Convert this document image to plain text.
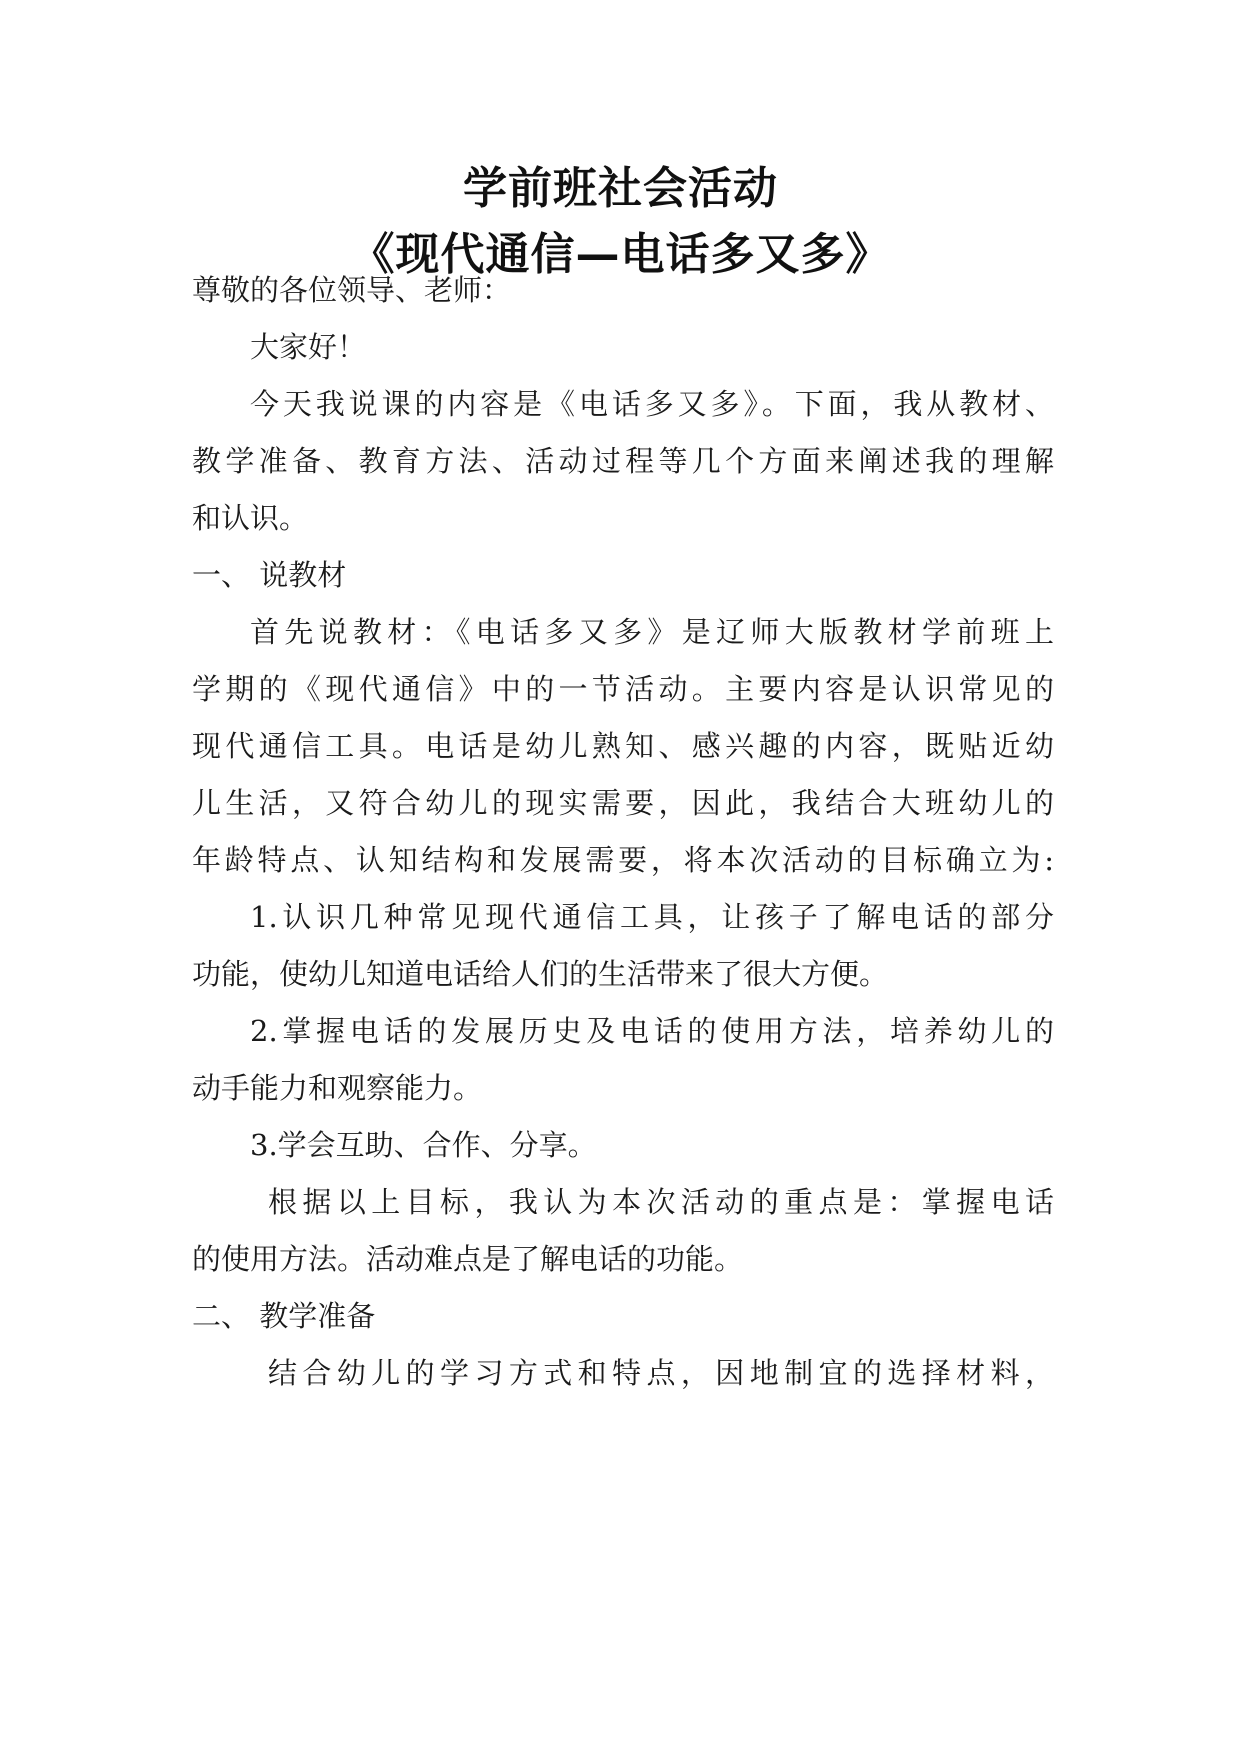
学前班社会活动
《现代通信—电话多又多》
尊敬的各位领导、老师：
大家好！
今天我说课的内容是《电话多又多》。下面，我从教材、
教学准备、教育方法、活动过程等几个方面来阐述我的理解
和认识。
一、 说教材
首先说教材：《电话多又多》是辽师大版教材学前班上
学期的《现代通信》中的一节活动。主要内容是认识常见的
现代通信工具。电话是幼儿熟知、感兴趣的内容，既贴近幼
儿生活，又符合幼儿的现实需要，因此，我结合大班幼儿的
年龄特点、认知结构和发展需要，将本次活动的目标确立为:
1.认识几种常见现代通信工具，让孩子了解电话的部分
功能，使幼儿知道电话给人们的生活带来了很大方便。
2.掌握电话的发展历史及电话的使用方法，培养幼儿的
动手能力和观察能力。
3.学会互助、合作、分享。
根据以上目标，我认为本次活动的重点是：掌握电话
的使用方法。活动难点是了解电话的功能。
二、 教学准备
结合幼儿的学习方式和特点，因地制宜的选择材料，
